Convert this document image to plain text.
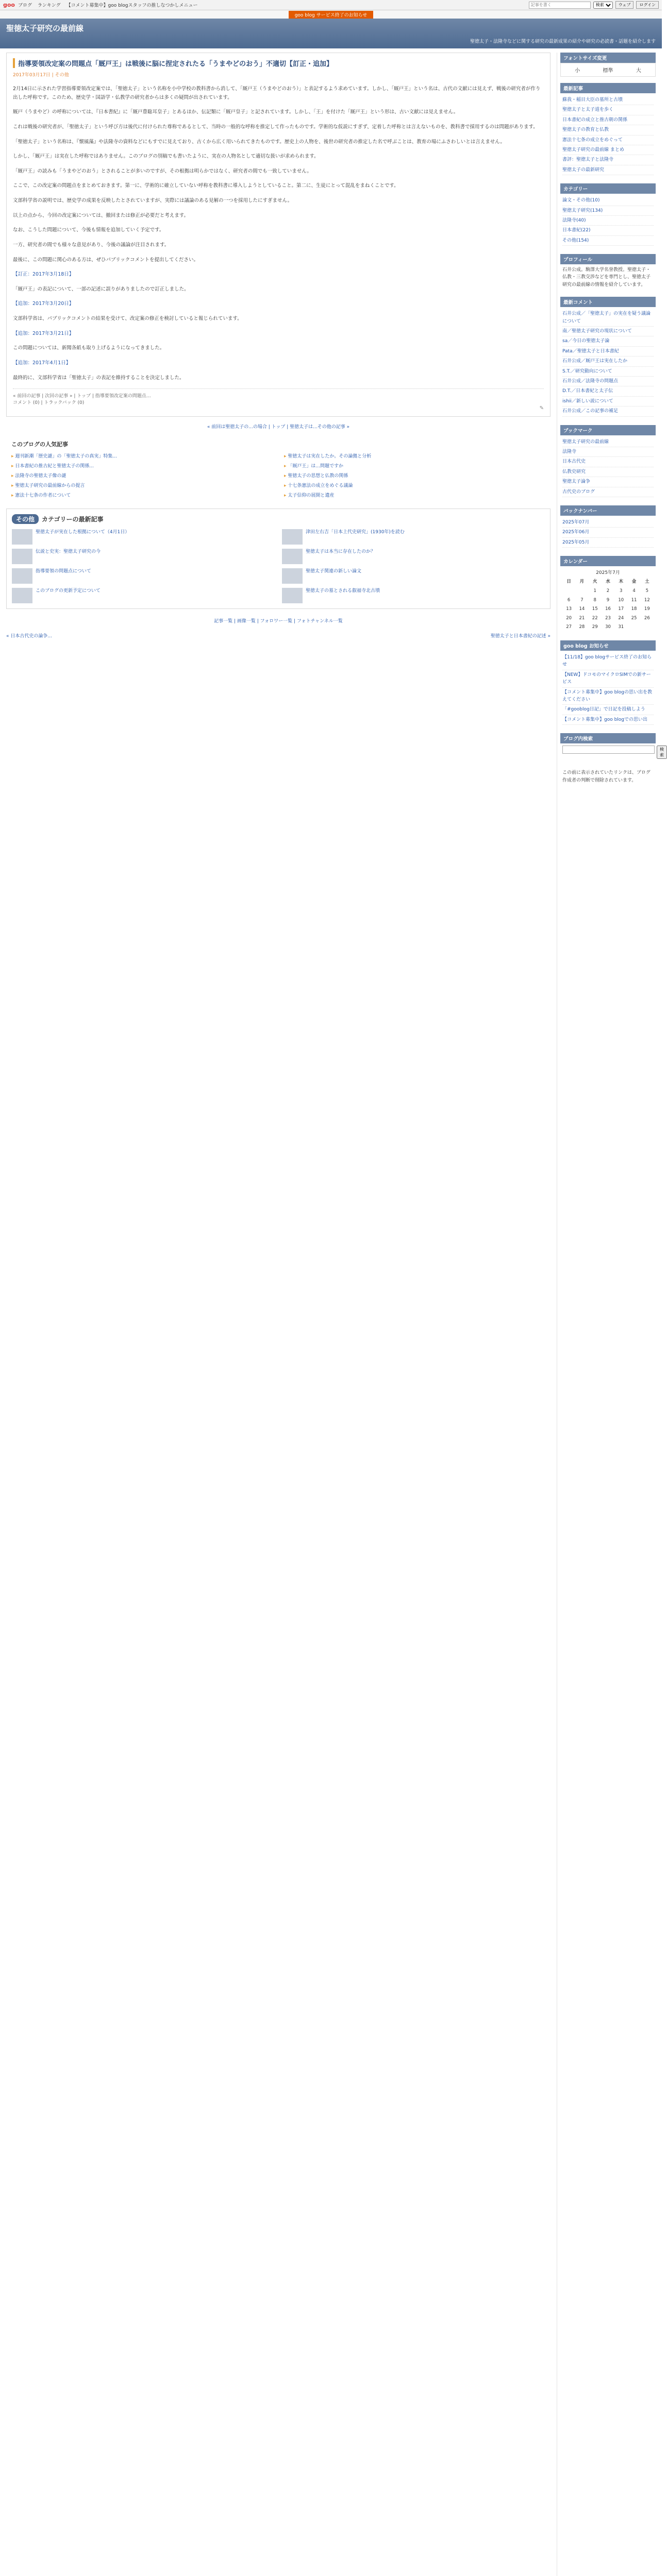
goo ブログ ランキング 【コメント募集中】goo blogスタッフの推しなつかしメニュー
記事を書く
検索	ウェブ	ログイン
goo blog サービス終了のお知らせ
聖徳太子研究の最前線
聖徳太子・法隆寺などに関する研究の最新成果の紹介や研究の必読書・話題を紹介します
指導要領改定案の問題点「厩戸王」は戦後に脳に捏定されたる「うまやどのおう」不適切【訂正・追加】
2017年03月17日 | その他

2月14日に示された学習指導要領改定案では、「聖徳太子」という名称を小中学校の教科書から消して、「厩戸王（うまやどのおう）」と表記するよう求めています。しかし、「厩戸王」という名は、古代の文献には見えず、戦後の研究者が作り出した呼称です。このため、歴史学・国語学・仏教学の研究者からは多くの疑問が出されています。

厩戸（うまやど）の呼称については、『日本書紀』に「厩戸豊聡耳皇子」とあるほか、伝記類に「厩戸皇子」と記されています。しかし、「王」を付けた「厩戸王」という形は、古い文献には見えません。

これは戦後の研究者が、「聖徳太子」という呼び方は後代に付けられた尊称であるとして、当時の一般的な呼称を推定して作ったものです。学術的な仮説にすぎず、定着した呼称とは言えないものを、教科書で採用するのは問題があります。

「聖徳太子」という名称は、『懐風藻』や法隆寺の資料などにもすでに見えており、古くから広く用いられてきたものです。歴史上の人物を、後世の研究者の推定した名で呼ぶことは、教育の場にふさわしいとは言えません。

しかし、「厩戸王」は実在した呼称ではありません。このブログの別稿でも書いたように、実在の人物名として適切な扱いが求められます。

「厩戸王」の読みも「うまやどのおう」とされることが多いのですが、その根拠は明らかではなく、研究者の間でも一致していません。

ここで、この改定案の問題点をまとめておきます。第一に、学術的に確立していない呼称を教科書に導入しようとしていること。第二に、生徒にとって混乱をまねくことです。

文部科学省の説明では、歴史学の成果を反映したとされていますが、実際には議論のある見解の一つを採用したにすぎません。

以上の点から、今回の改定案については、撤回または修正が必要だと考えます。

なお、こうした問題について、今後も情報を追加していく予定です。

一方、研究者の間でも様々な意見があり、今後の議論が注目されます。

最後に、この問題に関心のある方は、ぜひパブリックコメントを提出してください。

【訂正：2017年3月18日】

「厩戸王」の表記について、一部の記述に誤りがありましたので訂正しました。

【追加：2017年3月20日】

文部科学省は、パブリックコメントの結果を受けて、改定案の修正を検討していると報じられています。

【追加：2017年3月21日】

この問題については、新聞各紙も取り上げるようになってきました。

【追加：2017年4月1日】

最終的に、文部科学省は「聖徳太子」の表記を維持することを決定しました。

« 前回の記事 | 次回の記事 » | トップ | 指導要領改定案の問題点…
コメント (0) | トラックバック (0)
✎
« 前回は聖徳太子の...の場合 | トップ | 聖徳太子は...その他の記事 »
このブログの人気記事
▸ 週刊新潮「歴史謎」の「聖徳太子の真実」特集...	▸ 聖徳太子は実在したか。その論拠と分析
▸ 日本書紀の推古紀と聖徳太子の関係...	▸ 「厩戸王」は...問題ですか
▸ 法隆寺の聖徳太子像の謎	▸ 聖徳太子の思想と仏教の関係
▸ 聖徳太子研究の最前線からの提言	▸ 十七条憲法の成立をめぐる議論
▸ 憲法十七条の作者について	▸ 太子信仰の展開と遺産
その他	カテゴリーの最新記事
聖徳太子が実在した根拠について（4月1日）	津田左右吉「日本上代史研究」(1930年)を読む
伝説と史実：聖徳太子研究の今	聖徳太子は本当に存在したのか？
指導要領の問題点について	聖徳太子関連の新しい論文
このブログの更新予定について	聖徳太子の墓とされる叡福寺北古墳
記事一覧 | 画像一覧 | フォロワー一覧 | フォトチャンネル一覧
« 日本古代史の論争...	聖徳太子と日本書紀の記述 »
フォントサイズ変更
小	標準	大
最新記事
蘇我・稲目大臣の墓所と古墳
聖徳太子と太子道を歩く
日本書紀の成立と推古朝の関係
聖徳太子の教育と仏教
憲法十七条の成立をめぐって
聖徳太子研究の最前線 まとめ
書評：聖徳太子と法隆寺
聖徳太子の最新研究
カテゴリー
論文・その他(10)
聖徳太子研究(134)
法隆寺(40)
日本書紀(22)
その他(154)
プロフィール
石井公成。駒澤大学名誉教授。聖徳太子・仏教・三教交渉などを専門とし、聖徳太子研究の最前線の情報を紹介しています。
最新コメント
石井公成／「聖徳太子」の実在を疑う議論について
南／聖徳太子研究の現状について
sa／今日の聖徳太子論
Pata／聖徳太子と日本書紀
石井公成／厩戸王は実在したか
S.T.／研究動向について
石井公成／法隆寺の問題点
D.T.／日本書紀と太子伝
ishii／新しい説について
石井公成／この記事の補足
ブックマーク
聖徳太子研究の最前線
法隆寺
日本古代史
仏教史研究
聖徳太子論争
古代史のブログ
バックナンバー
2025年07月
2025年06月
2025年05月
カレンダー
2025年7月
日	月	火	水	木	金	土
		1	2	3	4	5
6	7	8	9	10	11	12
13	14	15	16	17	18	19
20	21	22	23	24	25	26
27	28	29	30	31		
goo blog お知らせ
【11/18】goo blogサービス終了のお知らせ
【NEW】ドコモのマイクロSIMでの新サービス
【コメント募集中】goo blogの思い出を教えてください
「#gooblog日記」で日記を投稿しよう
【コメント募集中】goo blogでの思い出
ブログ内検索
検索
この前に表示されていたリンクは、ブログ作成者の判断で削除されています。
